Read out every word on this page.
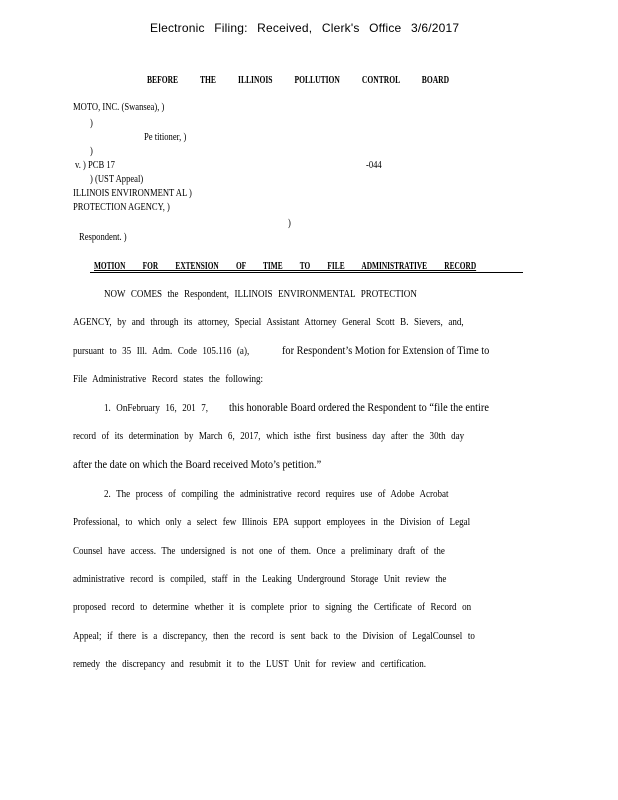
Electronic Filing: Received, Clerk's Office 3/6/2017
BEFORE THE ILLINOIS POLLUTION CONTROL BOARD
MOTO, INC. (Swansea), )
)
Pe titioner, )
)
v. ) PCB 17	-044
) (UST Appeal)
ILLINOIS ENVIRONMENT AL )
PROTECTION AGENCY, )
)
Respondent. )
MOTION FOR EXTENSION OF TIME TO FILE ADMINISTRATIVE RECORD
NOW COMES the Respondent, ILLINOIS ENVIRONMENTAL PROTECTION
AGENCY, by and through its attorney, Special Assistant Attorney General Scott B. Sievers, and,
pursuant to 35 Ill. Adm. Code 105.116 (a),	for Respondent’s Motion for Extension of Time to
File Administrative Record states the following:
1. OnFebruary 16, 201 7, this honorable Board ordered the Respondent to “file the entire
record of its determination by March 6, 2017, which isthe first business day after the 30th day
after the date on which the Board received Moto’s petition.”
2. The process of compiling the administrative record requires use of Adobe Acrobat
Professional, to which only a select few Illinois EPA support employees in the Division of Legal
Counsel have access. The undersigned is not one of them. Once a preliminary draft of the
administrative record is compiled, staff in the Leaking Underground Storage Unit review the
proposed record to determine whether it is complete prior to signing the Certificate of Record on
Appeal; if there is a discrepancy, then the record is sent back to the Division of LegalCounsel to
remedy the discrepancy and resubmit it to the LUST Unit for review and certification.
